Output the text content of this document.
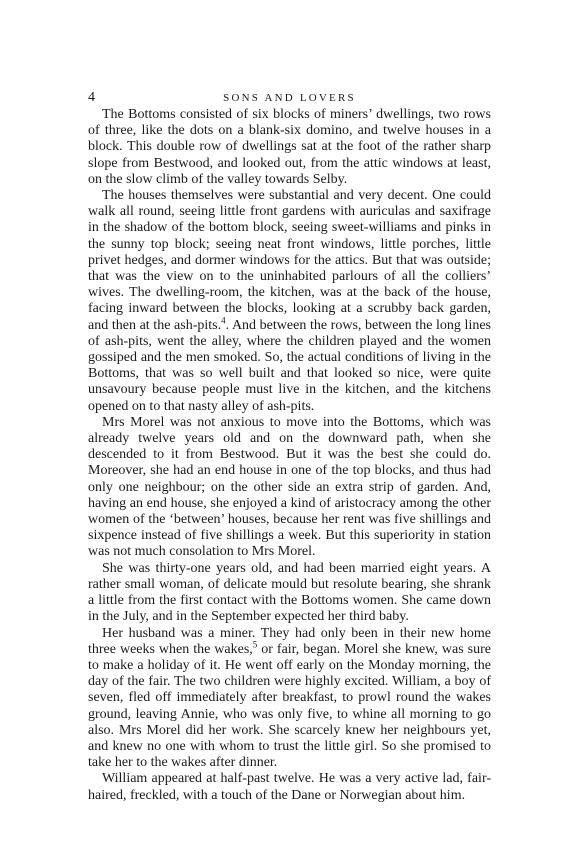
4	SONS AND LOVERS

The Bottoms consisted of six blocks of miners’ dwellings, two rows of three, like the dots on a blank-six domino, and twelve houses in a block. This double row of dwellings sat at the foot of the rather sharp slope from Bestwood, and looked out, from the attic windows at least, on the slow climb of the valley towards Selby.

The houses themselves were substantial and very decent. One could walk all round, seeing little front gardens with auriculas and saxifrage in the shadow of the bottom block, seeing sweet-williams and pinks in the sunny top block; seeing neat front windows, little porches, little privet hedges, and dormer windows for the attics. But that was outside; that was the view on to the uninhabited parlours of all the colliers’ wives. The dwelling-room, the kitchen, was at the back of the house, facing inward between the blocks, looking at a scrubby back garden, and then at the ash-pits.$^4$. And between the rows, between the long lines of ash-pits, went the alley, where the children played and the women gossiped and the men smoked. So, the actual conditions of living in the Bottoms, that was so well built and that looked so nice, were quite unsavoury because people must live in the kitchen, and the kitchens opened on to that nasty alley of ash-pits.

Mrs Morel was not anxious to move into the Bottoms, which was already twelve years old and on the downward path, when she descended to it from Bestwood. But it was the best she could do. Moreover, she had an end house in one of the top blocks, and thus had only one neighbour; on the other side an extra strip of garden. And, having an end house, she enjoyed a kind of aristocracy among the other women of the ‘between’ houses, because her rent was five shillings and sixpence instead of five shillings a week. But this superiority in station was not much consolation to Mrs Morel.

She was thirty-one years old, and had been married eight years. A rather small woman, of delicate mould but resolute bearing, she shrank a little from the first contact with the Bottoms women. She came down in the July, and in the September expected her third baby.

Her husband was a miner. They had only been in their new home three weeks when the wakes,$^5$ or fair, began. Morel she knew, was sure to make a holiday of it. He went off early on the Monday morning, the day of the fair. The two children were highly excited. William, a boy of seven, fled off immediately after breakfast, to prowl round the wakes ground, leaving Annie, who was only five, to whine all morning to go also. Mrs Morel did her work. She scarcely knew her neighbours yet, and knew no one with whom to trust the little girl. So she promised to take her to the wakes after dinner.

William appeared at half-past twelve. He was a very active lad, fair-haired, freckled, with a touch of the Dane or Norwegian about him.
